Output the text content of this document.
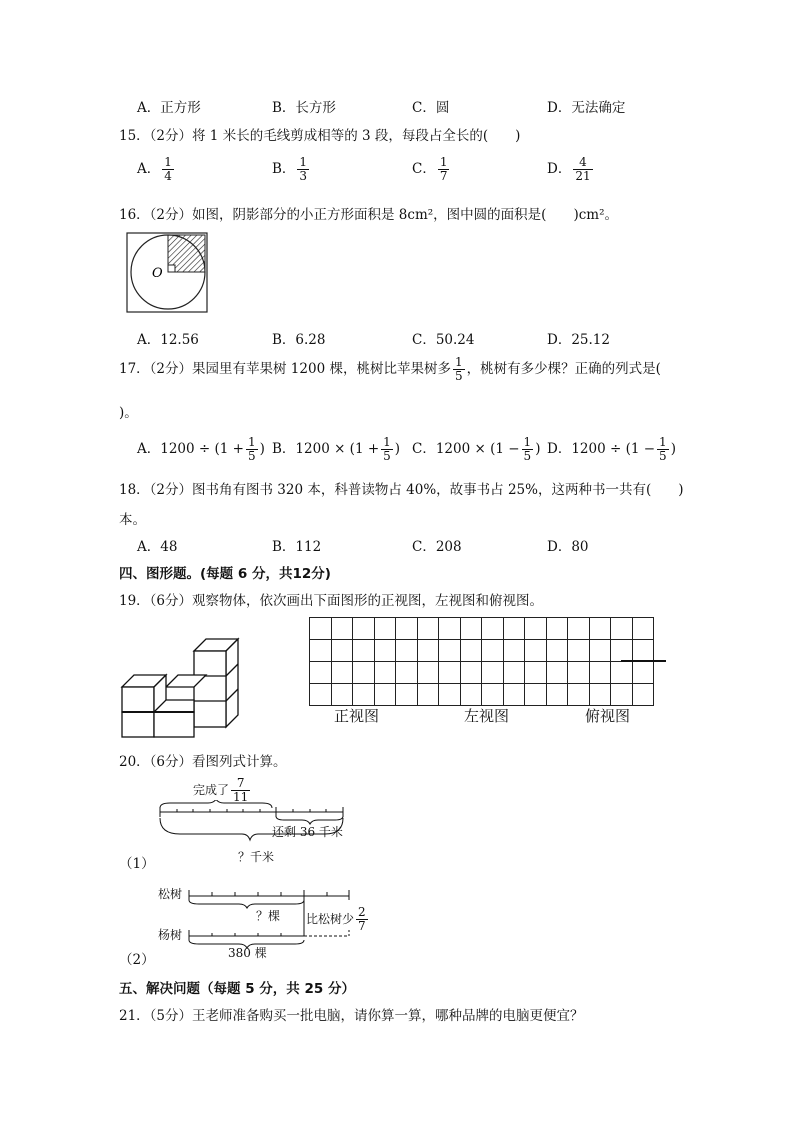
A．正方形	B．长方形	C．圆	D．无法确定
15．（2分）将 1 米长的毛线剪成相等的 3 段，每段占全长的(　　)
A． $\frac{1}{4}$	B． $\frac{1}{3}$	C． $\frac{1}{7}$	D． $\frac{4}{21}$
16．（2分）如图，阴影部分的小正方形面积是 8cm²，图中圆的面积是(　　)cm²。
O
A．12.56	B．6.28	C．50.24	D．25.12
17．（2分）果园里有苹果树 1200 棵，桃树比苹果树多 $\frac{1}{5}$ ，桃树有多少棵？正确的列式是(
)。
A．$1200 \div (1 + \frac{1}{5}$ ) B．$1200 \times (1 + \frac{1}{5}$ ) C．$1200 \times (1 - \frac{1}{5}$ ) D．$1200 \div (1 - \frac{1}{5}$ )
18．（2分）图书角有图书 320 本，科普读物占 40%，故事书占 25%，这两种书一共有(　　)
本。
A．48	B．112	C．208	D．80
四、图形题。(每题 6 分，共12分)
19．（6分）观察物体，依次画出下面图形的正视图，左视图和俯视图。

正视图	左视图	俯视图
20．（6分）看图列式计算。
完成了 $\frac{7}{11}$
还剩 36 千米
？千米
（1）
松树
杨树
？棵 比松树少 $\frac{2}{7}$
380 棵
（2）
五、解决问题（每题 5 分，共 25 分）
21．（5分）王老师准备购买一批电脑，请你算一算，哪种品牌的电脑更便宜？
